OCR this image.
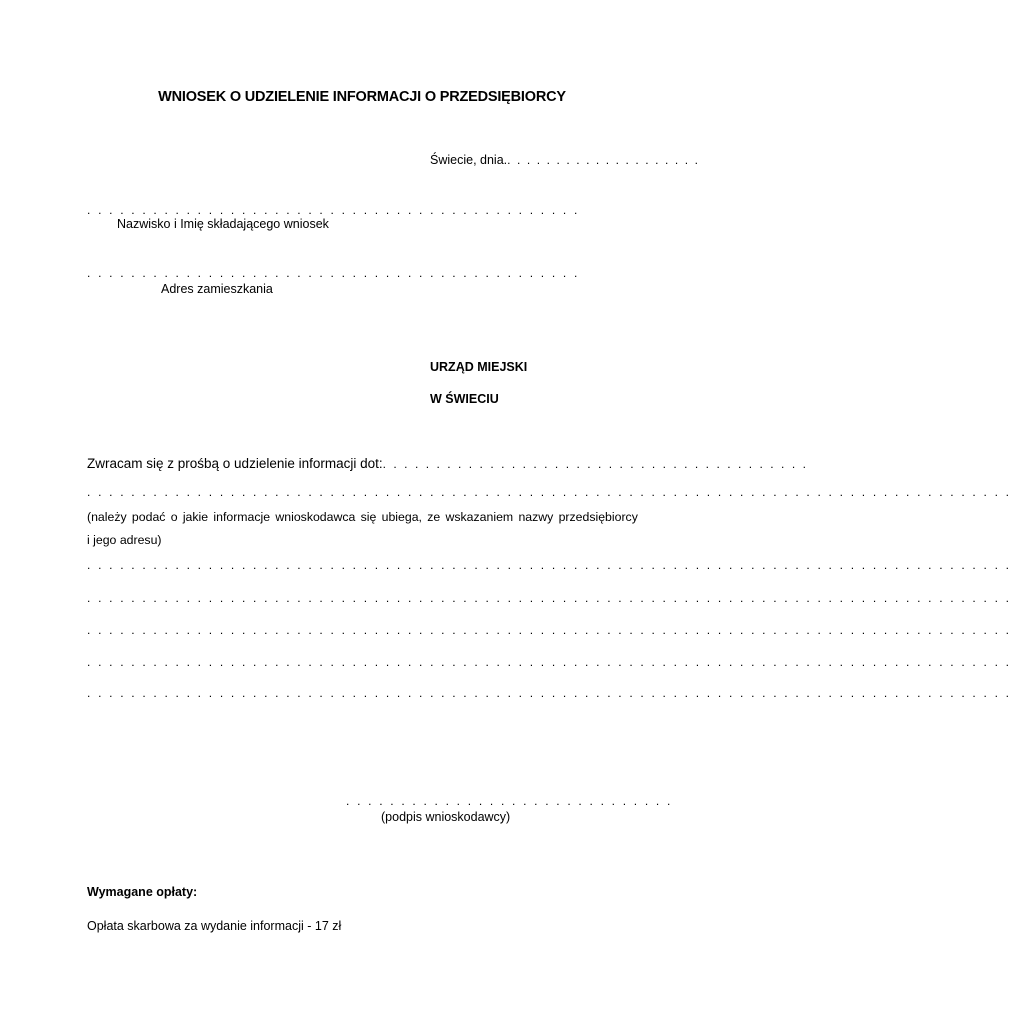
WNIOSEK O UDZIELENIE INFORMACJI O PRZEDSIĘBIORCY
Świecie, dnia.. . . . . . . . . . . . . . . . . . . .
. . . . . . . . . . . . . . . . . . . . . . . . . . . . . . . . . . . . . . . . . . . . .
Nazwisko i Imię składającego wniosek
. . . . . . . . . . . . . . . . . . . . . . . . . . . . . . . . . . . . . . . . . . . . .
Adres zamieszkania
URZĄD MIEJSKI
W ŚWIECIU
Zwracam się z prośbą o udzielenie informacji dot:. . . . . . . . . . . . . . . . . . . . . . . . . . . . . . . . . . . . . . . .
. . . . . . . . . . . . . . . . . . . . . . . . . . . . . . . . . . . . . . . . . . . . . . . . . . . . . . . . . . . . . . . . . . . . . . . . . . . . . . . . . . . .
(należy podać o jakie informacje wnioskodawca się ubiega, ze wskazaniem nazwy przedsiębiorcy
i jego adresu)
. . . . . . . . . . . . . . . . . . . . . . . . . . . . . . . . . . . . . . . . . . . . . . . . . . . . . . . . . . . . . . . . . . . . . . . . . . . . . . . . . . . .
. . . . . . . . . . . . . . . . . . . . . . . . . . . . . . . . . . . . . . . . . . . . . . . . . . . . . . . . . . . . . . . . . . . . . . . . . . . . . . . . . . . .
. . . . . . . . . . . . . . . . . . . . . . . . . . . . . . . . . . . . . . . . . . . . . . . . . . . . . . . . . . . . . . . . . . . . . . . . . . . . . . . . . . . .
. . . . . . . . . . . . . . . . . . . . . . . . . . . . . . . . . . . . . . . . . . . . . . . . . . . . . . . . . . . . . . . . . . . . . . . . . . . . . . . . . . . .
. . . . . . . . . . . . . . . . . . . . . . . . . . . . . . . . . . . . . . . . . . . . . . . . . . . . . . . . . . . . . . . . . . . . . . . . . . . . . . . . . . . .
. . . . . . . . . . . . . . . . . . . . . . . . . . . . . .
(podpis wnioskodawcy)
Wymagane opłaty:
Opłata skarbowa za wydanie informacji - 17 zł
